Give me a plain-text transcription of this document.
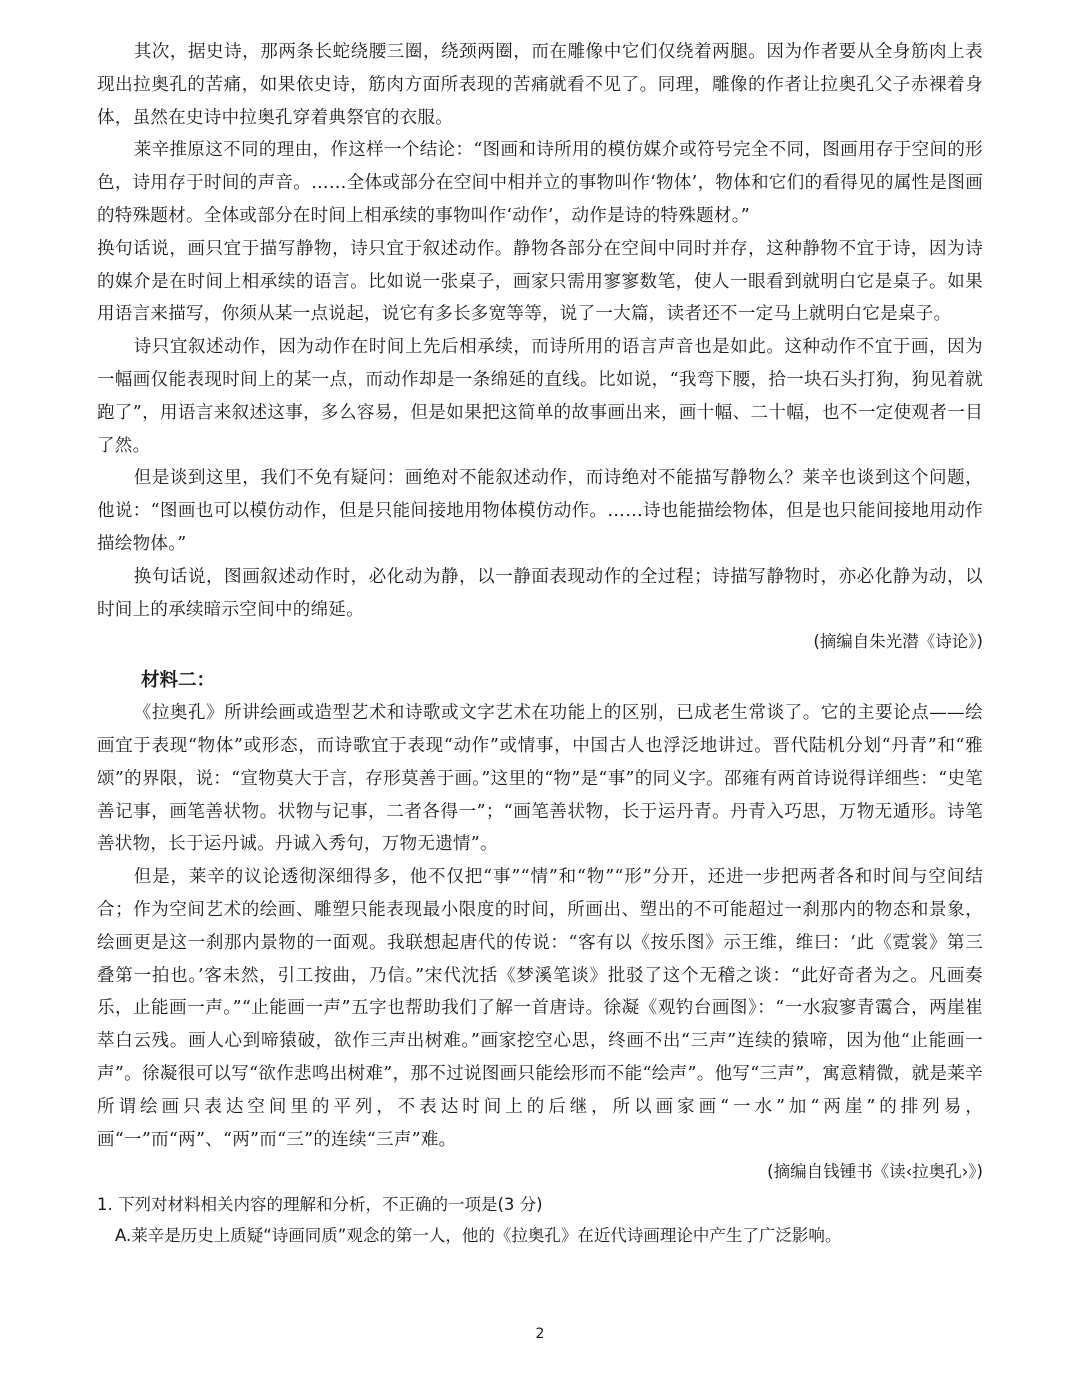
其次，据史诗，那两条长蛇绕腰三圈，绕颈两圈，而在雕像中它们仅绕着两腿。因为作者要从全身筋肉上表现出拉奥孔的苦痛，如果依史诗，筋肉方面所表现的苦痛就看不见了。同理，雕像的作者让拉奥孔父子赤裸着身体，虽然在史诗中拉奥孔穿着典祭官的衣服。

莱辛推原这不同的理由，作这样一个结论：“图画和诗所用的模仿媒介或符号完全不同，图画用存于空间的形色，诗用存于时间的声音。……全体或部分在空间中相并立的事物叫作‘物体’，物体和它们的看得见的属性是图画的特殊题材。全体或部分在时间上相承续的事物叫作‘动作’，动作是诗的特殊题材。”

换句话说，画只宜于描写静物，诗只宜于叙述动作。静物各部分在空间中同时并存，这种静物不宜于诗，因为诗的媒介是在时间上相承续的语言。比如说一张桌子，画家只需用寥寥数笔，使人一眼看到就明白它是桌子。如果用语言来描写，你须从某一点说起，说它有多长多宽等等，说了一大篇，读者还不一定马上就明白它是桌子。

诗只宜叙述动作，因为动作在时间上先后相承续，而诗所用的语言声音也是如此。这种动作不宜于画，因为一幅画仅能表现时间上的某一点，而动作却是一条绵延的直线。比如说，“我弯下腰，拾一块石头打狗，狗见着就跑了”，用语言来叙述这事，多么容易，但是如果把这简单的故事画出来，画十幅、二十幅，也不一定使观者一目了然。

但是谈到这里，我们不免有疑问：画绝对不能叙述动作，而诗绝对不能描写静物么？莱辛也谈到这个问题，他说：“图画也可以模仿动作，但是只能间接地用物体模仿动作。……诗也能描绘物体，但是也只能间接地用动作描绘物体。”

换句话说，图画叙述动作时，必化动为静，以一静面表现动作的全过程；诗描写静物时，亦必化静为动，以时间上的承续暗示空间中的绵延。

(摘编自朱光潜《诗论》)

材料二：

《拉奥孔》所讲绘画或造型艺术和诗歌或文字艺术在功能上的区别，已成老生常谈了。它的主要论点——绘画宜于表现“物体”或形态，而诗歌宜于表现“动作”或情事，中国古人也浮泛地讲过。晋代陆机分划“丹青”和“雅颂”的界限，说：“宣物莫大于言，存形莫善于画。”这里的“物”是“事”的同义字。邵雍有两首诗说得详细些：“史笔善记事，画笔善状物。状物与记事，二者各得一”；“画笔善状物，长于运丹青。丹青入巧思，万物无遁形。诗笔善状物，长于运丹诚。丹诚入秀句，万物无遗情”。

但是，莱辛的议论透彻深细得多，他不仅把“事”“情”和“物”“形”分开，还进一步把两者各和时间与空间结合；作为空间艺术的绘画、雕塑只能表现最小限度的时间，所画出、塑出的不可能超过一刹那内的物态和景象，绘画更是这一刹那内景物的一面观。我联想起唐代的传说：“客有以《按乐图》示王维，维曰：‘此《霓裳》第三叠第一拍也。’客未然，引工按曲，乃信。”宋代沈括《梦溪笔谈》批驳了这个无稽之谈：“此好奇者为之。凡画奏乐，止能画一声。”“止能画一声”五字也帮助我们了解一首唐诗。徐凝《观钓台画图》：“一水寂寥青霭合，两崖崔萃白云残。画人心到啼猿破，欲作三声出树难。”画家挖空心思，终画不出“三声”连续的猿啼，因为他“止能画一声”。徐凝很可以写“欲作悲鸣出树难”，那不过说图画只能绘形而不能“绘声”。他写“三声”，寓意精微，就是莱辛所谓绘画只表达空间里的平列，不表达时间上的后继，所以画家画“一水”加“两崖”的排列易，画“一”而“两”、“两”而“三”的连续“三声”难。

(摘编自钱锺书《读‹拉奥孔›》)

1. 下列对材料相关内容的理解和分析，不正确的一项是(3 分)

A.莱辛是历史上质疑“诗画同质”观念的第一人，他的《拉奥孔》在近代诗画理论中产生了广泛影响。

2
